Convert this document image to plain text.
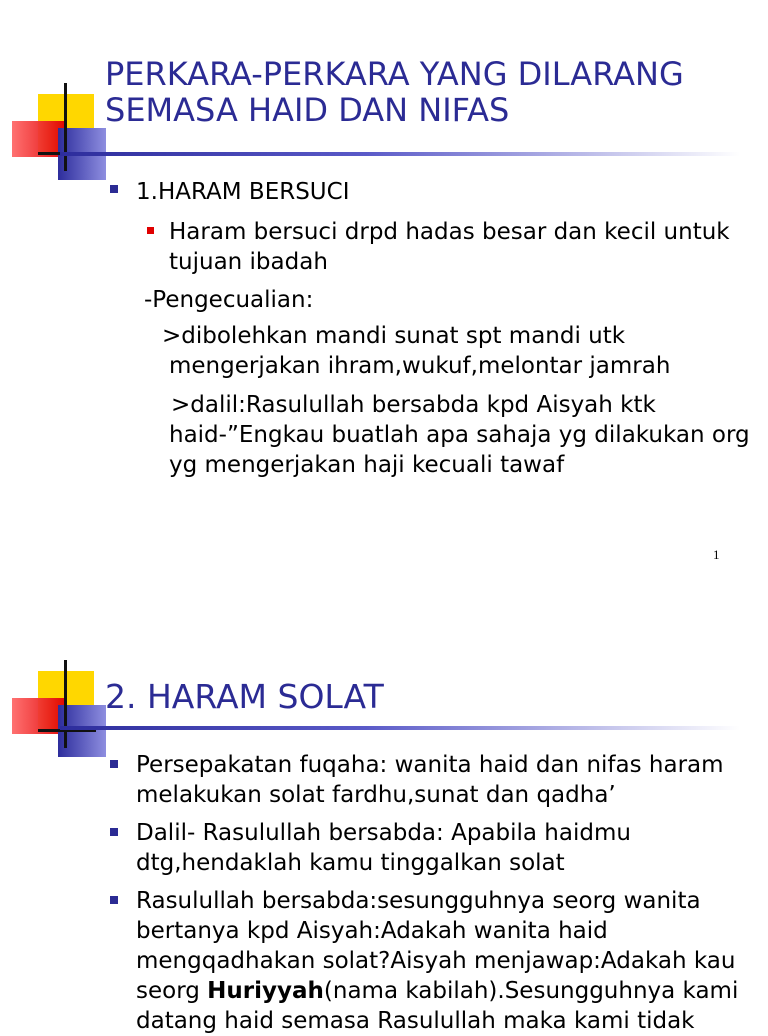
PERKARA-PERKARA YANG DILARANG
SEMASA HAID DAN NIFAS
1.HARAM BERSUCI
Haram bersuci drpd hadas besar dan kecil untuk
tujuan ibadah
-Pengecualian:
>dibolehkan mandi sunat spt mandi utk
mengerjakan ihram,wukuf,melontar jamrah
>dalil:Rasulullah bersabda kpd Aisyah ktk
haid-”Engkau buatlah apa sahaja yg dilakukan org
yg mengerjakan haji kecuali tawaf
1
2. HARAM SOLAT
Persepakatan fuqaha: wanita haid dan nifas haram
melakukan solat fardhu,sunat dan qadha’
Dalil- Rasulullah bersabda: Apabila haidmu
dtg,hendaklah kamu tinggalkan solat
Rasulullah bersabda:sesungguhnya seorg wanita
bertanya kpd Aisyah:Adakah wanita haid
mengqadhakan solat?Aisyah menjawap:Adakah kau
seorg Huriyyah(nama kabilah).Sesungguhnya kami
datang haid semasa Rasulullah maka kami tidak
